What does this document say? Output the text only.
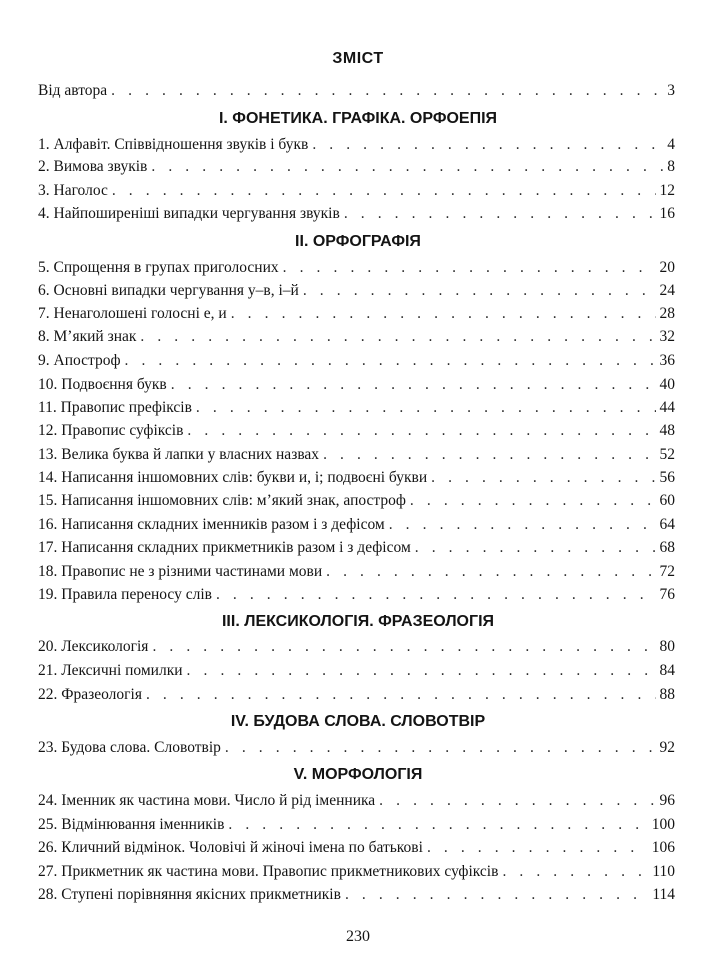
ЗМІСТ
Від автора . . .	3
І. ФОНЕТИКА. ГРАФІКА. ОРФОЕПІЯ
1. Алфавіт. Співвідношення звуків і букв . . .	4
2. Вимова звуків . . .	8
3. Наголос . . .	12
4. Найпоширеніші випадки чергування звуків . . .	16
ІІ. ОРФОГРАФІЯ
5. Спрощення в групах приголосних . . .	20
6. Основні випадки чергування у–в, і–й . . .	24
7. Ненаголошені голосні е, и . . .	28
8. М’який знак . . .	32
9. Апостроф . . .	36
10. Подвоєння букв . . .	40
11. Правопис префіксів . . .	44
12. Правопис суфіксів . . .	48
13. Велика буква й лапки у власних назвах . . .	52
14. Написання іншомовних слів: букви и, і; подвоєні букви . . .	56
15. Написання іншомовних слів: м’який знак, апостроф . . .	60
16. Написання складних іменників разом і з дефісом . . .	64
17. Написання складних прикметників разом і з дефісом . . .	68
18. Правопис не з різними частинами мови . . .	72
19. Правила переносу слів . . .	76
ІІІ. ЛЕКСИКОЛОГІЯ. ФРАЗЕОЛОГІЯ
20. Лексикологія . . .	80
21. Лексичні помилки . . .	84
22. Фразеологія . . .	88
IV. БУДОВА СЛОВА. СЛОВОТВІР
23. Будова слова. Словотвір . . .	92
V. МОРФОЛОГІЯ
24. Іменник як частина мови. Число й рід іменника . . .	96
25. Відмінювання іменників . . .	100
26. Кличний відмінок. Чоловічі й жіночі імена по батькові . . .	106
27. Прикметник як частина мови. Правопис прикметникових суфіксів . . .	110
28. Ступені порівняння якісних прикметників . . .	114
230
